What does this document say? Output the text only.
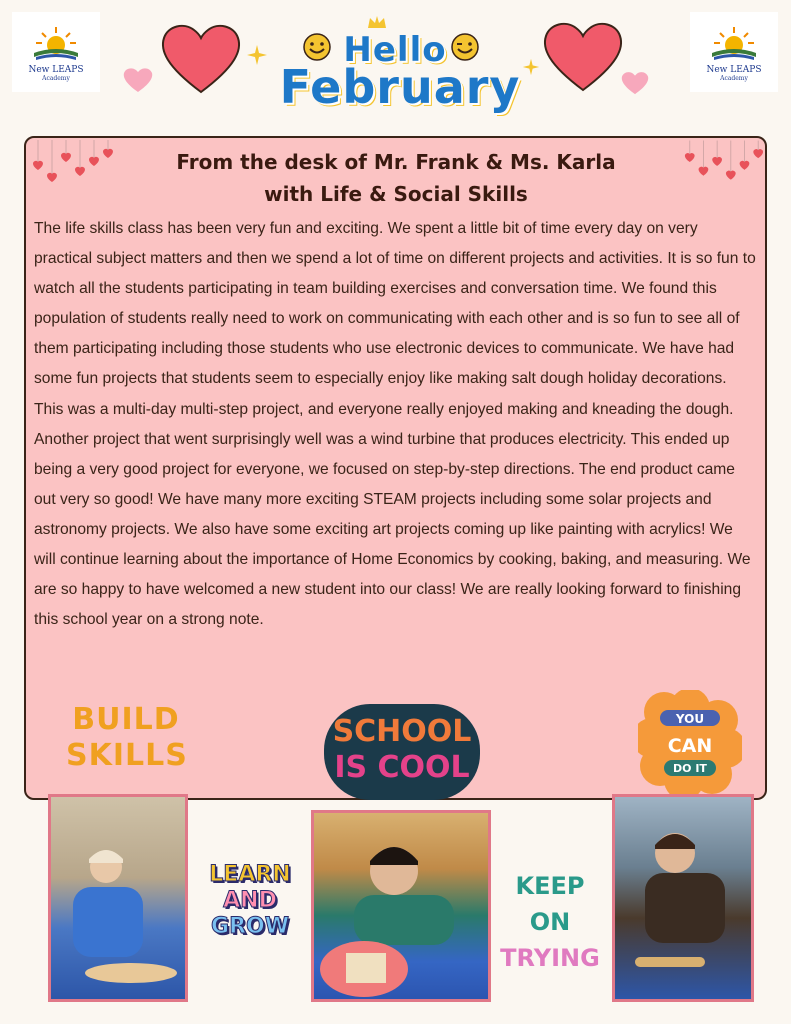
New LEAPS
Academy
New LEAPS
Academy
Hello
February
From the desk of Mr. Frank & Ms. Karla
with Life & Social Skills

The life skills class has been very fun and exciting. We spent a little bit of time every day on very practical subject matters and then we spend a lot of time on different projects and activities. It is so fun to watch all the students participating in team building exercises and conversation time. We found this population of students really need to work on communicating with each other and is so fun to see all of them participating including those students who use electronic devices to communicate. We have had some fun projects that students seem to especially enjoy like making salt dough holiday decorations. This was a multi-day multi-step project, and everyone really enjoyed making and kneading the dough. Another project that went surprisingly well was a wind turbine that produces electricity. This ended up being a very good project for everyone, we focused on step-by-step directions. The end product came out very so good! We have many more exciting STEAM projects including some solar projects and astronomy projects. We also have some exciting art projects coming up like painting with acrylics! We will continue learning about the importance of Home Economics by cooking, baking, and measuring. We are so happy to have welcomed a new student into our class! We are really looking forward to finishing this school year on a strong note.

BUILD
SKILLS
SCHOOL
IS COOL
YOU
CAN
DO IT
LEARN
AND
GROW
KEEP ON
TRYING
